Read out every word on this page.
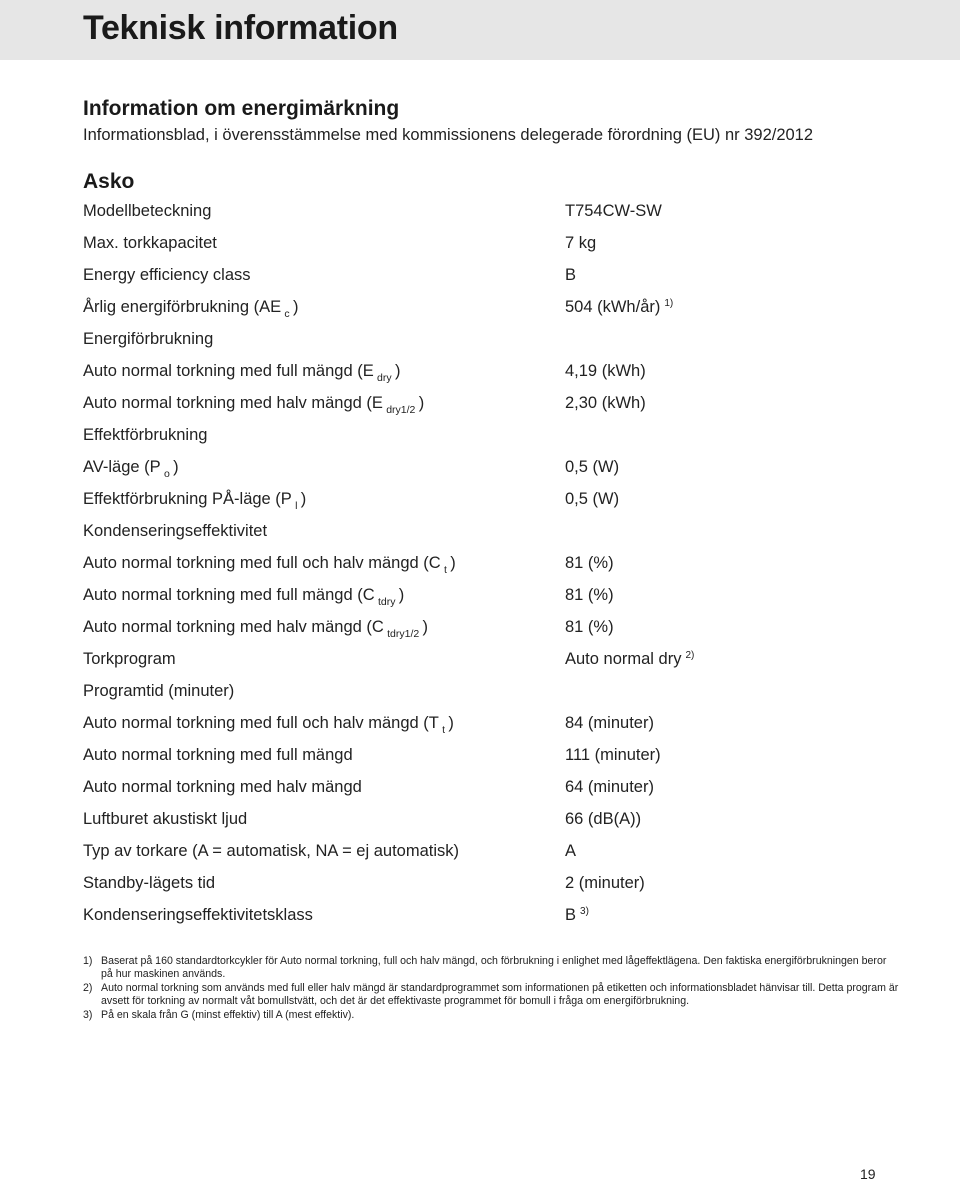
Teknisk information
Information om energimärkning
Informationsblad, i överensstämmelse med kommissionens delegerade förordning (EU) nr 392/2012
Asko
Modellbeteckning	T754CW-SW
Max. torkkapacitet	7 kg
Energy efficiency class	B
Årlig energiförbrukning (AE  $_c$  )	504 (kWh/år) $^{1)}$
Energiförbrukning
Auto normal torkning med full mängd (E  $_{dry}$  )	4,19 (kWh)
Auto normal torkning med halv mängd (E  $_{dry1/2}$  )	2,30 (kWh)
Effektförbrukning
AV-läge (P  $_o$  )	0,5 (W)
Effektförbrukning PÅ-läge (P  $_l$  )	0,5 (W)
Kondenseringseffektivitet
Auto normal torkning med full och halv mängd (C  $_t$  )	81 (%)
Auto normal torkning med full mängd (C  $_{tdry}$  )	81 (%)
Auto normal torkning med halv mängd (C  $_{tdry1/2}$  )	81 (%)
Torkprogram	Auto normal dry $^{2)}$
Programtid (minuter)
Auto normal torkning med full och halv mängd (T  $_t$  )	84 (minuter)
Auto normal torkning med full mängd	111 (minuter)
Auto normal torkning med halv mängd	64 (minuter)
Luftburet akustiskt ljud	66 (dB(A))
Typ av torkare (A = automatisk, NA = ej automatisk)	A
Standby-lägets tid	2 (minuter)
Kondenseringseffektivitetsklass	B $^{3)}$
1) Baserat på 160 standardtorkcykler för Auto normal torkning, full och halv mängd, och förbrukning i enlighet med lågeffektlägena. Den faktiska energiförbrukningen beror på hur maskinen används.
2) Auto normal torkning som används med full eller halv mängd är standardprogrammet som informationen på etiketten och informationsbladet hänvisar till. Detta program är avsett för torkning av normalt våt bomullstvätt, och det är det effektivaste programmet för bomull i fråga om energiförbrukning.
3) På en skala från G (minst effektiv) till A (mest effektiv).
19
